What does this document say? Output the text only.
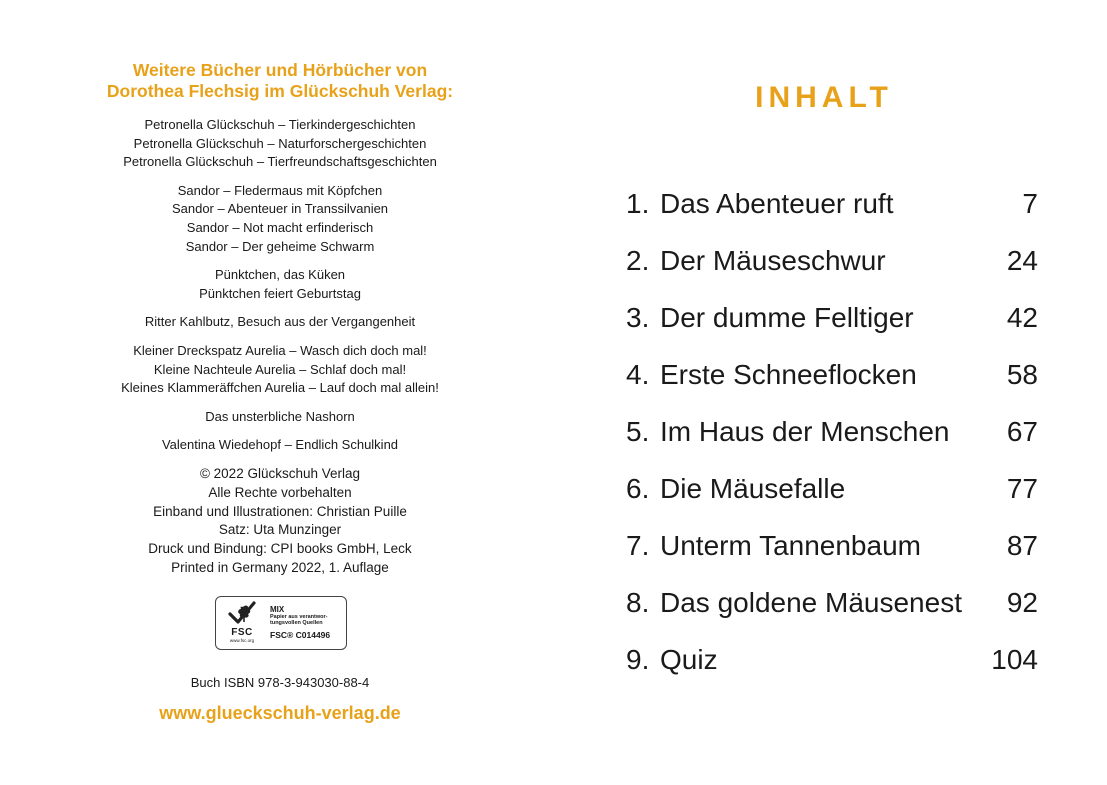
Weitere Bücher und Hörbücher von
Dorothea Flechsig im Glückschuh Verlag:

Petronella Glückschuh – Tierkindergeschichten

Petronella Glückschuh – Naturforschergeschichten

Petronella Glückschuh – Tierfreundschaftsgeschichten

Sandor – Fledermaus mit Köpfchen

Sandor – Abenteuer in Transsilvanien

Sandor – Not macht erfinderisch

Sandor – Der geheime Schwarm

Pünktchen, das Küken

Pünktchen feiert Geburtstag

Ritter Kahlbutz, Besuch aus der Vergangenheit

Kleiner Dreckspatz Aurelia – Wasch dich doch mal!

Kleine Nachteule Aurelia – Schlaf doch mal!

Kleines Klammeräffchen Aurelia – Lauf doch mal allein!

Das unsterbliche Nashorn

Valentina Wiedehopf – Endlich Schulkind

© 2022 Glückschuh Verlag

Alle Rechte vorbehalten

Einband und Illustrationen: Christian Puille

Satz: Uta Munzinger

Druck und Bindung: CPI books GmbH, Leck

Printed in Germany 2022, 1. Auflage

FSC
www.fsc.org
MIX
Papier aus verantwor-
tungsvollen Quellen
FSC® C014496
Buch ISBN 978-3-943030-88-4
www.glueckschuh-verlag.de
INHALT
1. Das Abenteuer ruft	7
2. Der Mäuseschwur	24
3. Der dumme Felltiger	42
4. Erste Schneeflocken	58
5. Im Haus der Menschen	67
6. Die Mäusefalle	77
7. Unterm Tannenbaum	87
8. Das goldene Mäusenest	92
9. Quiz	104
